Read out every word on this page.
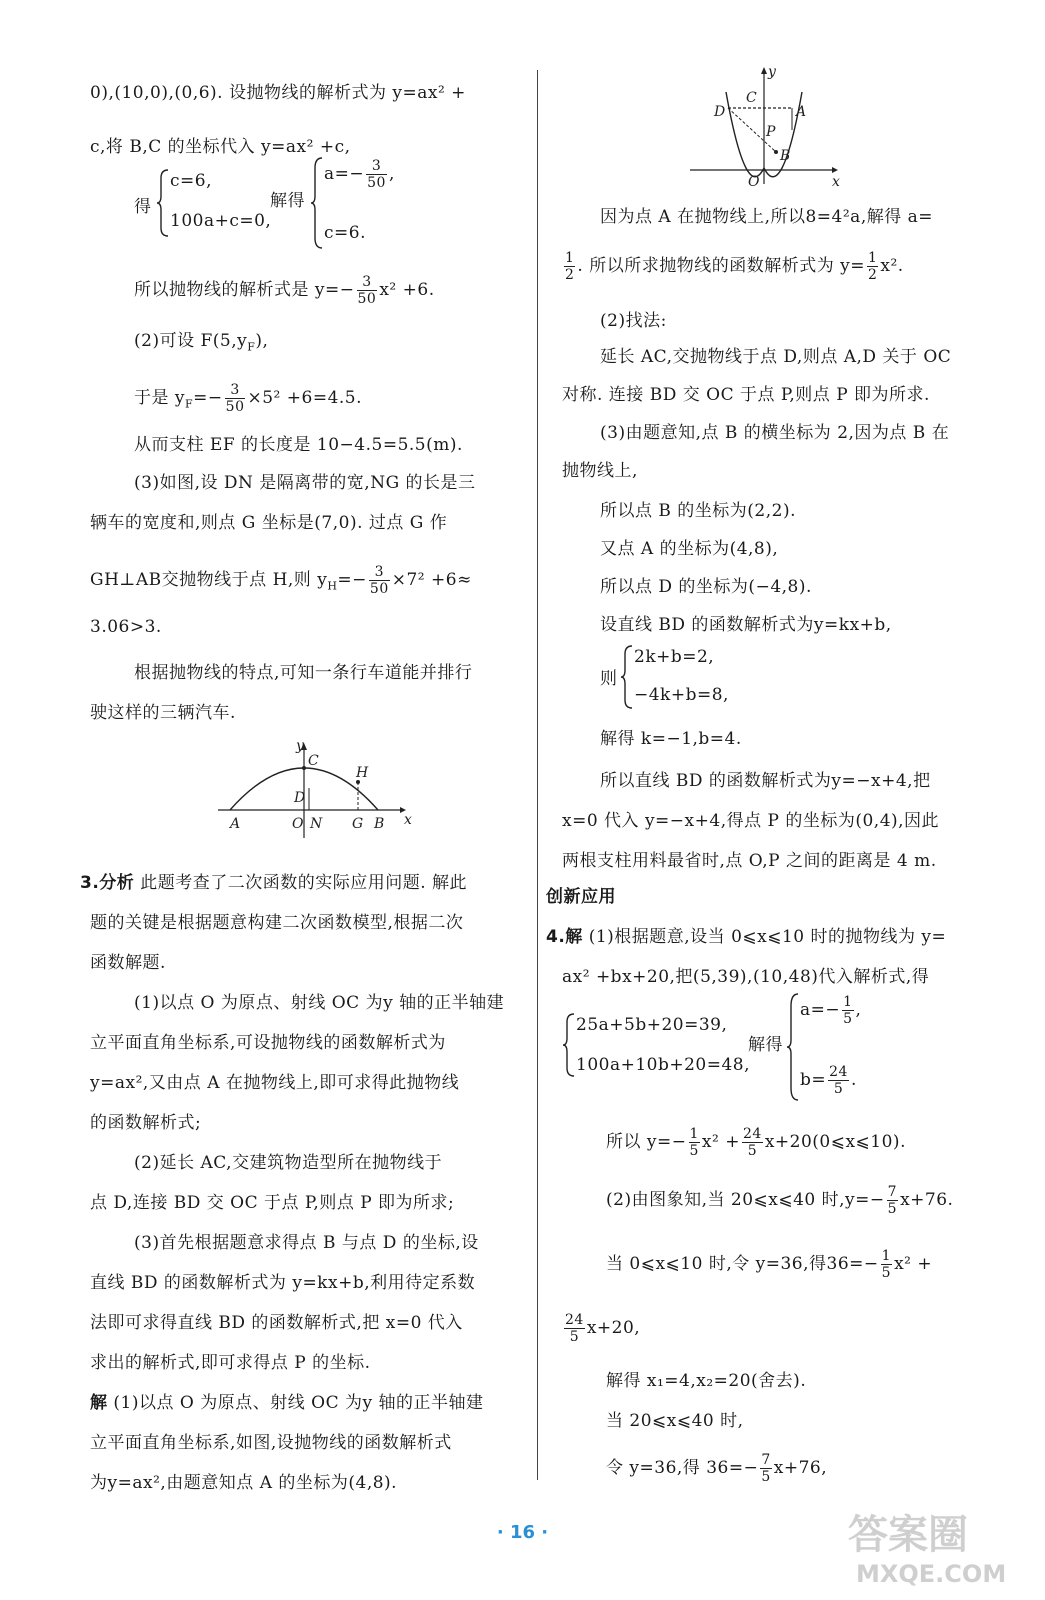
0),(10,0),(0,6). 设抛物线的解析式为 y=ax² +
c,将 B,C 的坐标代入 y=ax² +c,
得
c=6,
100a+c=0,
解得
$a=- \frac{3}{50}$ ,
c=6.
所以抛物线的解析式是 $y=- \frac{3}{50} x^2 +6$.
(2)可设 $F(5,y_F)$,
于是 $y_F=- \frac{3}{50} \times 5^2 +6=4.5$.
从而支柱 EF 的长度是 10−4.5=5.5(m).
(3)如图,设 DN 是隔离带的宽,NG 的长是三
辆车的宽度和,则点 G 坐标是(7,0). 过点 G 作
GH⊥AB交抛物线于点 H,则 $y_H=- \frac{3}{50} \times 7^2 +6\approx$
3.06>3.
根据抛物线的特点,可知一条行车道能并排行
驶这样的三辆汽车.
y
C
H
D
A	O N G B x
3.分析 此题考查了二次函数的实际应用问题. 解此
题的关键是根据题意构建二次函数模型,根据二次
函数解题.
(1)以点 O 为原点、射线 OC 为y 轴的正半轴建
立平面直角坐标系,可设抛物线的函数解析式为
y=ax²,又由点 A 在抛物线上,即可求得此抛物线
的函数解析式;
(2)延长 AC,交建筑物造型所在抛物线于
点 D,连接 BD 交 OC 于点 P,则点 P 即为所求;
(3)首先根据题意求得点 B 与点 D 的坐标,设
直线 BD 的函数解析式为 y=kx+b,利用待定系数
法即可求得直线 BD 的函数解析式,把 x=0 代入
求出的解析式,即可求得点 P 的坐标.
解 (1)以点 O 为原点、射线 OC 为y 轴的正半轴建
立平面直角坐标系,如图,设抛物线的函数解析式
为y=ax²,由题意知点 A 的坐标为(4,8).
y
C
D	A
P
B
O	x
因为点 A 在抛物线上,所以8=4²a,解得 a=
$\frac{1}{2}$ . 所以所求抛物线的函数解析式为 $y= \frac{1}{2} x^2$.
(2)找法:
延长 AC,交抛物线于点 D,则点 A,D 关于 OC
对称. 连接 BD 交 OC 于点 P,则点 P 即为所求.
(3)由题意知,点 B 的横坐标为 2,因为点 B 在
抛物线上,
所以点 B 的坐标为(2,2).
又点 A 的坐标为(4,8),
所以点 D 的坐标为(−4,8).
设直线 BD 的函数解析式为y=kx+b,
则
2k+b=2,
−4k+b=8,
解得 k=−1,b=4.
所以直线 BD 的函数解析式为y=−x+4,把
x=0 代入 y=−x+4,得点 P 的坐标为(0,4),因此
两根支柱用料最省时,点 O,P 之间的距离是 4 m.
创新应用
4.解 (1)根据题意,设当 0⩽x⩽10 时的抛物线为 y=
ax² +bx+20,把(5,39),(10,48)代入解析式,得
25a+5b+20=39,
100a+10b+20=48,
解得
$a=- \frac{1}{5}$ ,
$b= \frac{24}{5}$ .
所以 $y=- \frac{1}{5} x^2 + \frac{24}{5}$ x+20(0⩽x⩽10).
(2)由图象知,当 20⩽x⩽40 时$,y=- \frac{7}{5} x+76$.
当 0⩽x⩽10 时,令 y=36,得$36=- \frac{1}{5} x^2$ +
$\frac{24}{5} x+20$,
解得 x₁=4,x₂=20(舍去).
当 20⩽x⩽40 时,
令 y=36,得 $36=- \frac{7}{5} x+76$,
· 16 ·	答案圈
MXQE.COM
